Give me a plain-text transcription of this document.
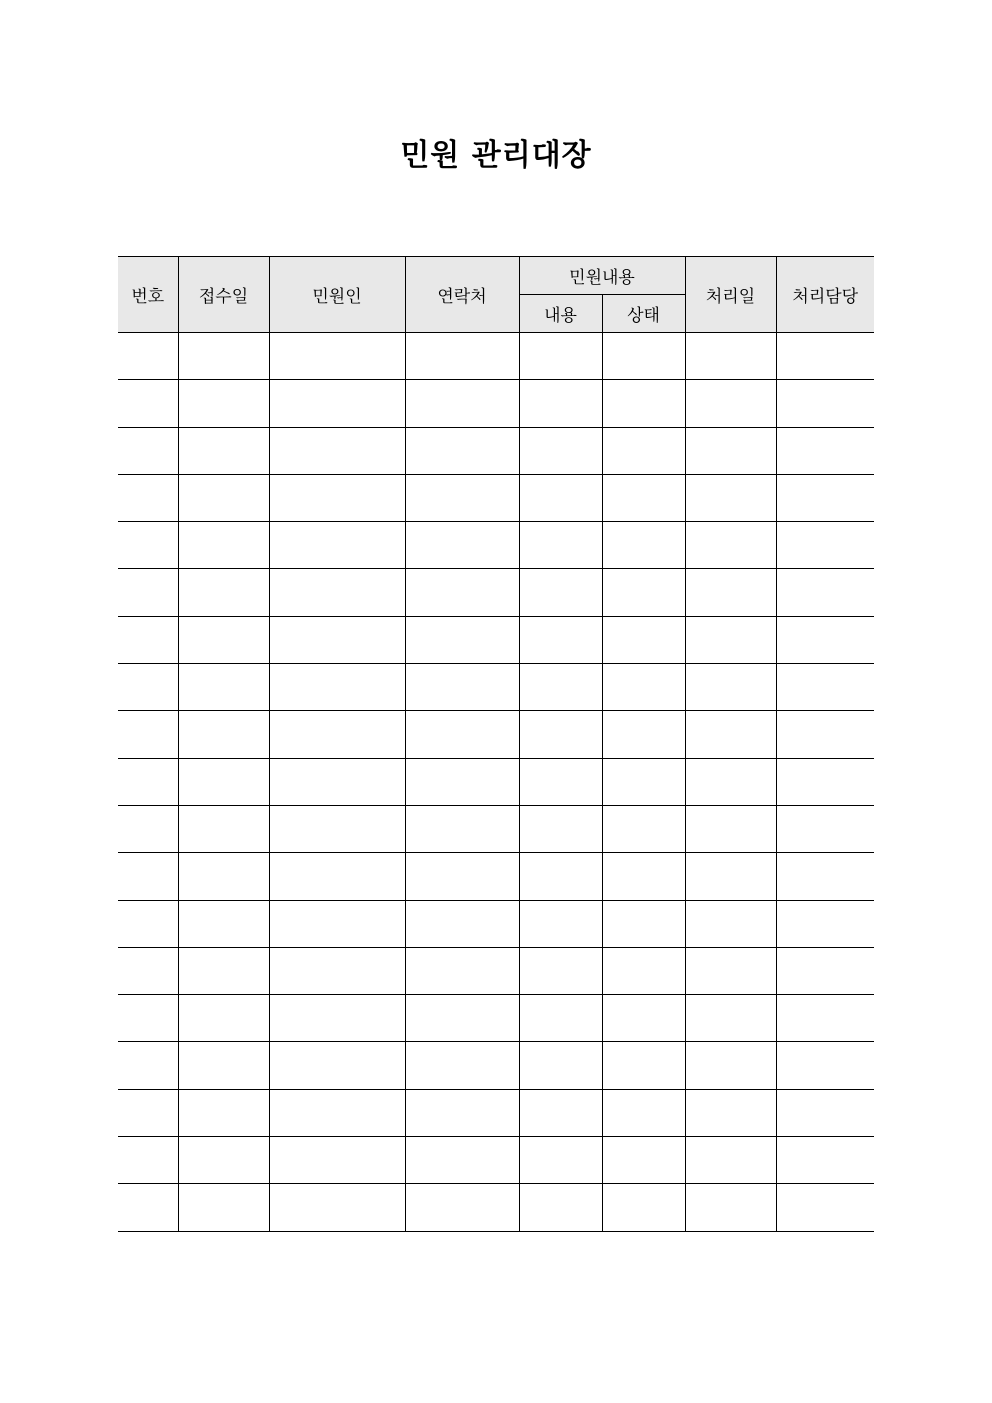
민원 관리대장
번호	접수일	민원인	연락처	민원내용		처리일	처리담당
				내용	상태		
